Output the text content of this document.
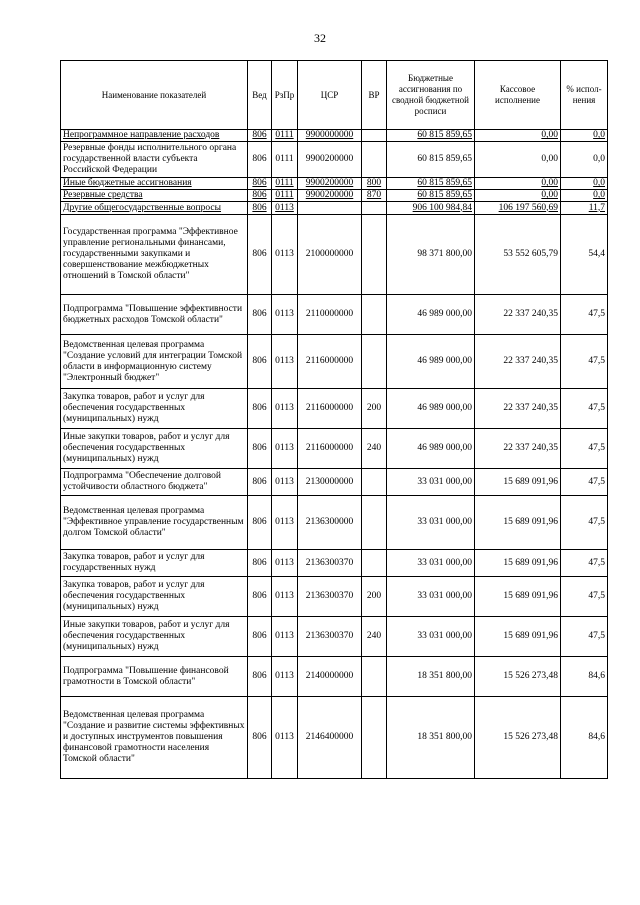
32
Наименование показателей	Вед	РзПр	ЦСР	ВР	Бюджетные ассигнования по сводной бюджетной росписи	Кассовое исполнение	% испол- нения
Непрограммное направление расходов	806	0111	9900000000		60 815 859,65	0,00	0,0
Резервные фонды исполнительного органа государственной власти субъекта Российской Федерации	806	0111	9900200000		60 815 859,65	0,00	0,0
Иные бюджетные ассигнования	806	0111	9900200000	800	60 815 859,65	0,00	0,0
Резервные средства	806	0111	9900200000	870	60 815 859,65	0,00	0,0
Другие общегосударственные вопросы	806	0113			906 100 984,84	106 197 560,69	11,7
Государственная программа "Эффективное управление региональными финансами, государственными закупками и совершенствование межбюджетных отношений в Томской области"	806	0113	2100000000		98 371 800,00	53 552 605,79	54,4
Подпрограмма "Повышение эффективности бюджетных расходов Томской области"	806	0113	2110000000		46 989 000,00	22 337 240,35	47,5
Ведомственная целевая программа "Создание условий для интеграции Томской области в информационную систему "Электронный бюджет"	806	0113	2116000000		46 989 000,00	22 337 240,35	47,5
Закупка товаров, работ и услуг для обеспечения государственных (муниципальных) нужд	806	0113	2116000000	200	46 989 000,00	22 337 240,35	47,5
Иные закупки товаров, работ и услуг для обеспечения государственных (муниципальных) нужд	806	0113	2116000000	240	46 989 000,00	22 337 240,35	47,5
Подпрограмма "Обеспечение долговой устойчивости областного бюджета"	806	0113	2130000000		33 031 000,00	15 689 091,96	47,5
Ведомственная целевая программа "Эффективное управление государственным долгом Томской области"	806	0113	2136300000		33 031 000,00	15 689 091,96	47,5
Закупка товаров, работ и услуг для государственных нужд	806	0113	2136300370		33 031 000,00	15 689 091,96	47,5
Закупка товаров, работ и услуг для обеспечения государственных (муниципальных) нужд	806	0113	2136300370	200	33 031 000,00	15 689 091,96	47,5
Иные закупки товаров, работ и услуг для обеспечения государственных (муниципальных) нужд	806	0113	2136300370	240	33 031 000,00	15 689 091,96	47,5
Подпрограмма "Повышение финансовой грамотности в Томской области"	806	0113	2140000000		18 351 800,00	15 526 273,48	84,6
Ведомственная целевая программа "Создание и развитие системы эффективных и доступных инструментов повышения финансовой грамотности населения Томской области"	806	0113	2146400000		18 351 800,00	15 526 273,48	84,6
